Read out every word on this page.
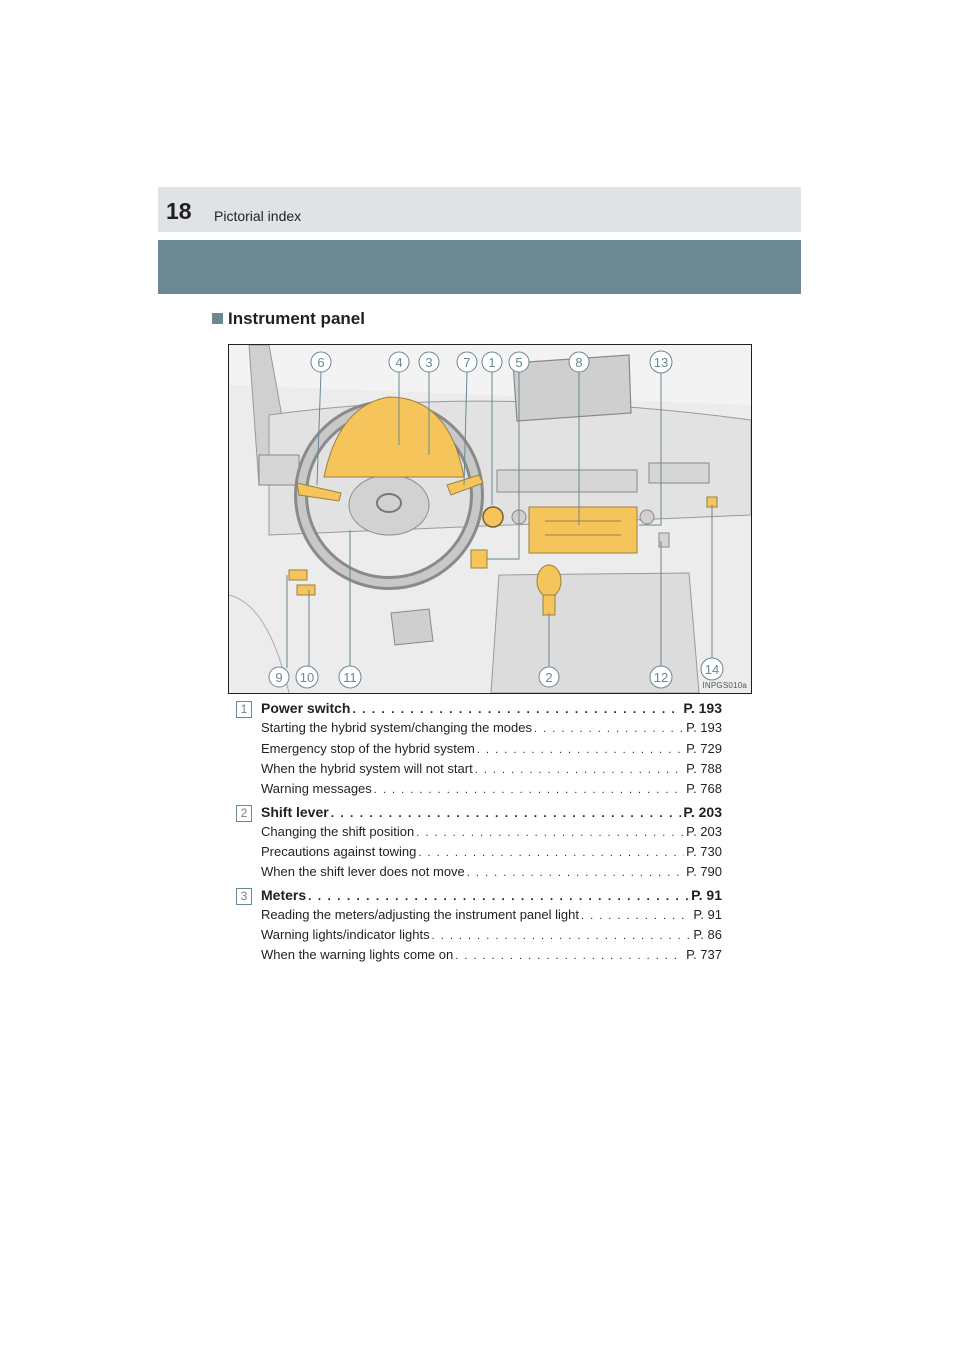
18 Pictorial index
Instrument panel
6	4 3 7 1 5	8	13
9 10 11	2	12
14
INPGS010a
1 Power switch . . .	P. 193
Starting the hybrid system/changing the modes . . .	P. 193
Emergency stop of the hybrid system . . .	P. 729
When the hybrid system will not start . . .	P. 788
Warning messages . . .	P. 768
2 Shift lever . . .	P. 203
Changing the shift position . . .	P. 203
Precautions against towing . . .	P. 730
When the shift lever does not move . . .	P. 790
3 Meters . . .	P. 91
Reading the meters/adjusting the instrument panel light . . .	P. 91
Warning lights/indicator lights . . .	P. 86
When the warning lights come on . . .	P. 737
